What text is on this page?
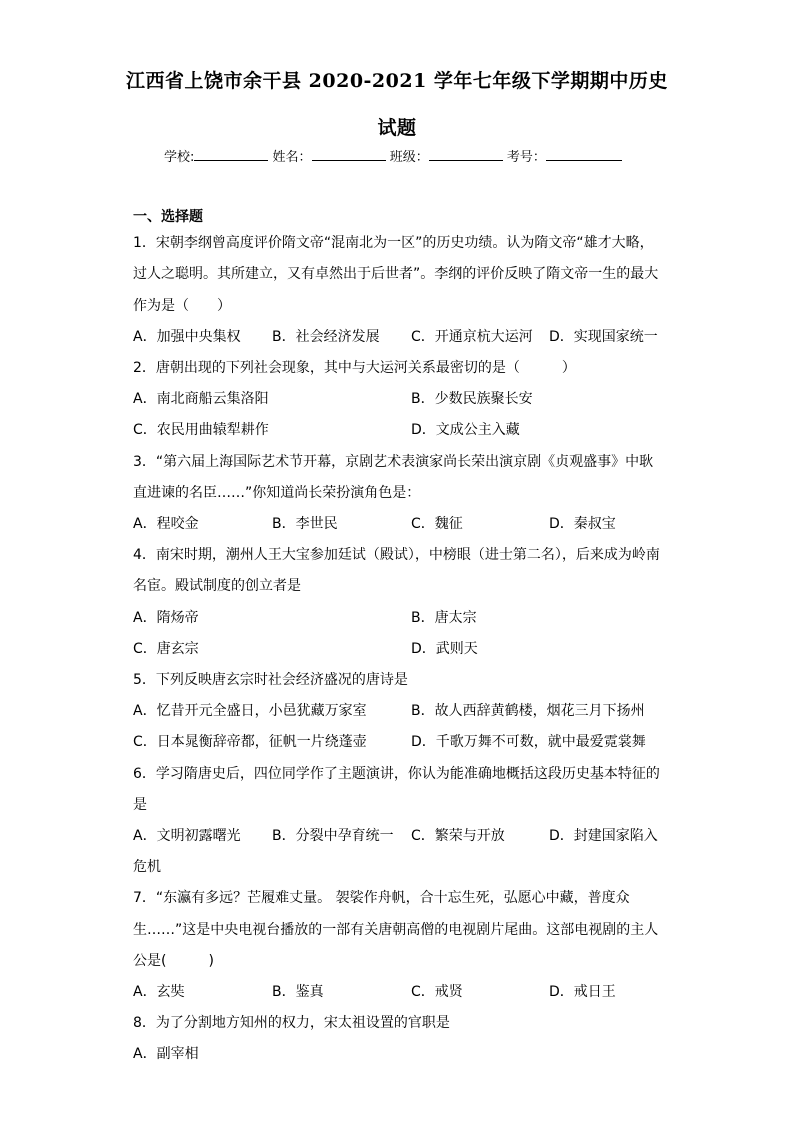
江西省上饶市余干县 2020-2021 学年七年级下学期期中历史
试题
学校:	姓名：	班级：	考号：
一、选择题
1．宋朝李纲曾高度评价隋文帝“混南北为一区”的历史功绩。认为隋文帝“雄才大略，
过人之聪明。其所建立，又有卓然出于后世者”。李纲的评价反映了隋文帝一生的最大
作为是（　　）
A．加强中央集权 B．社会经济发展 C．开通京杭大运河 D．实现国家统一
2．唐朝出现的下列社会现象，其中与大运河关系最密切的是（　　　）
A．南北商船云集洛阳	B．少数民族聚长安
C．农民用曲辕犁耕作	D．文成公主入藏
3．“第六届上海国际艺术节开幕，京剧艺术表演家尚长荣出演京剧《贞观盛事》中耿
直进谏的名臣……”你知道尚长荣扮演角色是：
A．程咬金	B．李世民	C．魏征	D．秦叔宝
4．南宋时期，潮州人王大宝参加廷试（殿试），中榜眼（进士第二名），后来成为岭南
名宦。殿试制度的创立者是
A．隋炀帝	B．唐太宗
C．唐玄宗	D．武则天
5．下列反映唐玄宗时社会经济盛况的唐诗是
A．忆昔开元全盛日，小邑犹藏万家室	B．故人西辞黄鹤楼，烟花三月下扬州
C．日本晁衡辞帝都，征帆一片绕蓬壶	D．千歌万舞不可数，就中最爱霓裳舞
6．学习隋唐史后，四位同学作了主题演讲，你认为能准确地概括这段历史基本特征的
是
A．文明初露曙光 B．分裂中孕育统一 C．繁荣与开放	D．封建国家陷入
危机
7．“东瀛有多远？芒履难丈量。 袈裟作舟帆，合十忘生死，弘愿心中藏，普度众
生……”这是中央电视台播放的一部有关唐朝高僧的电视剧片尾曲。这部电视剧的主人
公是(　　　)
A．玄奘	B．鉴真	C．戒贤	D．戒日王
8．为了分割地方知州的权力，宋太祖设置的官职是
A．副宰相
